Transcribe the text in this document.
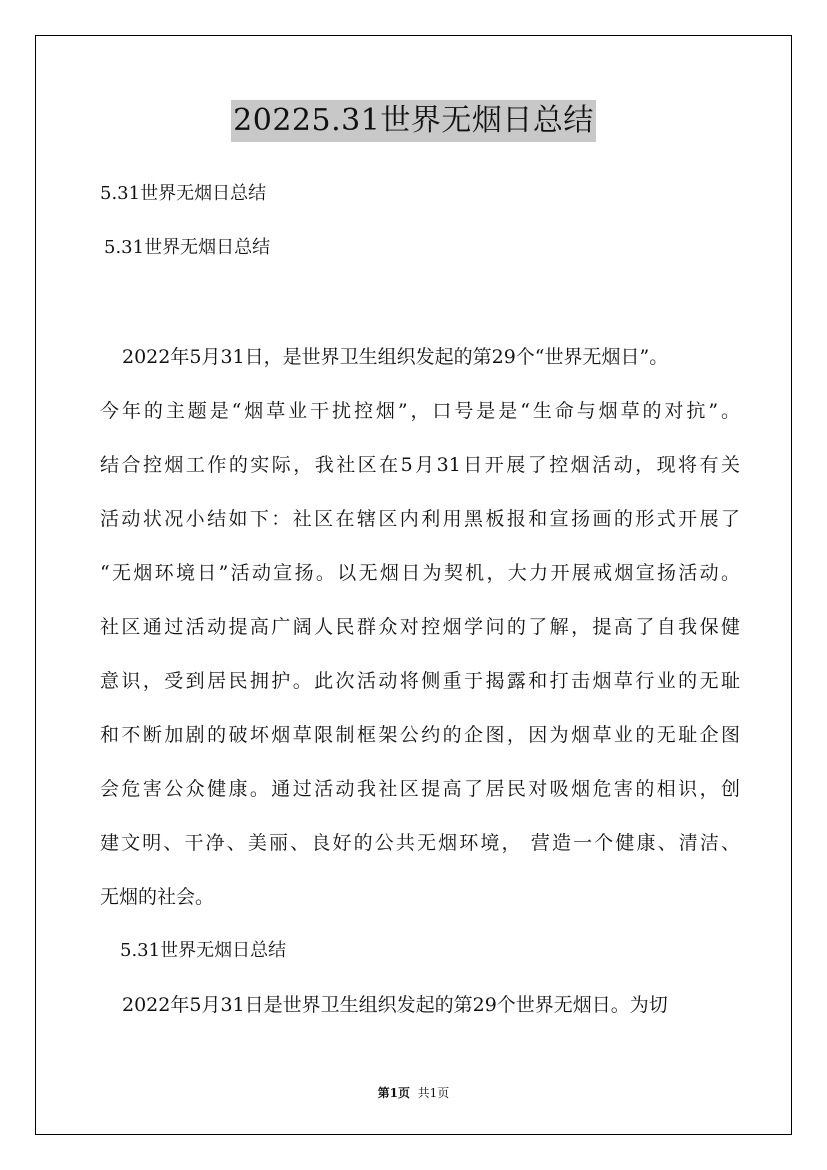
20225.31世界无烟日总结

5.31世界无烟日总结

5.31世界无烟日总结

2022年5月31日，是世界卫生组织发起的第29个“世界无烟日”。

今年的主题是“烟草业干扰控烟”，口号是是“生命与烟草的对抗”。

结合控烟工作的实际，我社区在5月31日开展了控烟活动，现将有关

活动状况小结如下：社区在辖区内利用黑板报和宣扬画的形式开展了

“无烟环境日”活动宣扬。以无烟日为契机，大力开展戒烟宣扬活动。

社区通过活动提高广阔人民群众对控烟学问的了解，提高了自我保健

意识，受到居民拥护。此次活动将侧重于揭露和打击烟草行业的无耻

和不断加剧的破坏烟草限制框架公约的企图，因为烟草业的无耻企图

会危害公众健康。通过活动我社区提高了居民对吸烟危害的相识，创

建文明、干净、美丽、良好的公共无烟环境， 营造一个健康、清洁、

无烟的社会。

5.31世界无烟日总结

2022年5月31日是世界卫生组织发起的第29个世界无烟日。为切

第1页 共1页
